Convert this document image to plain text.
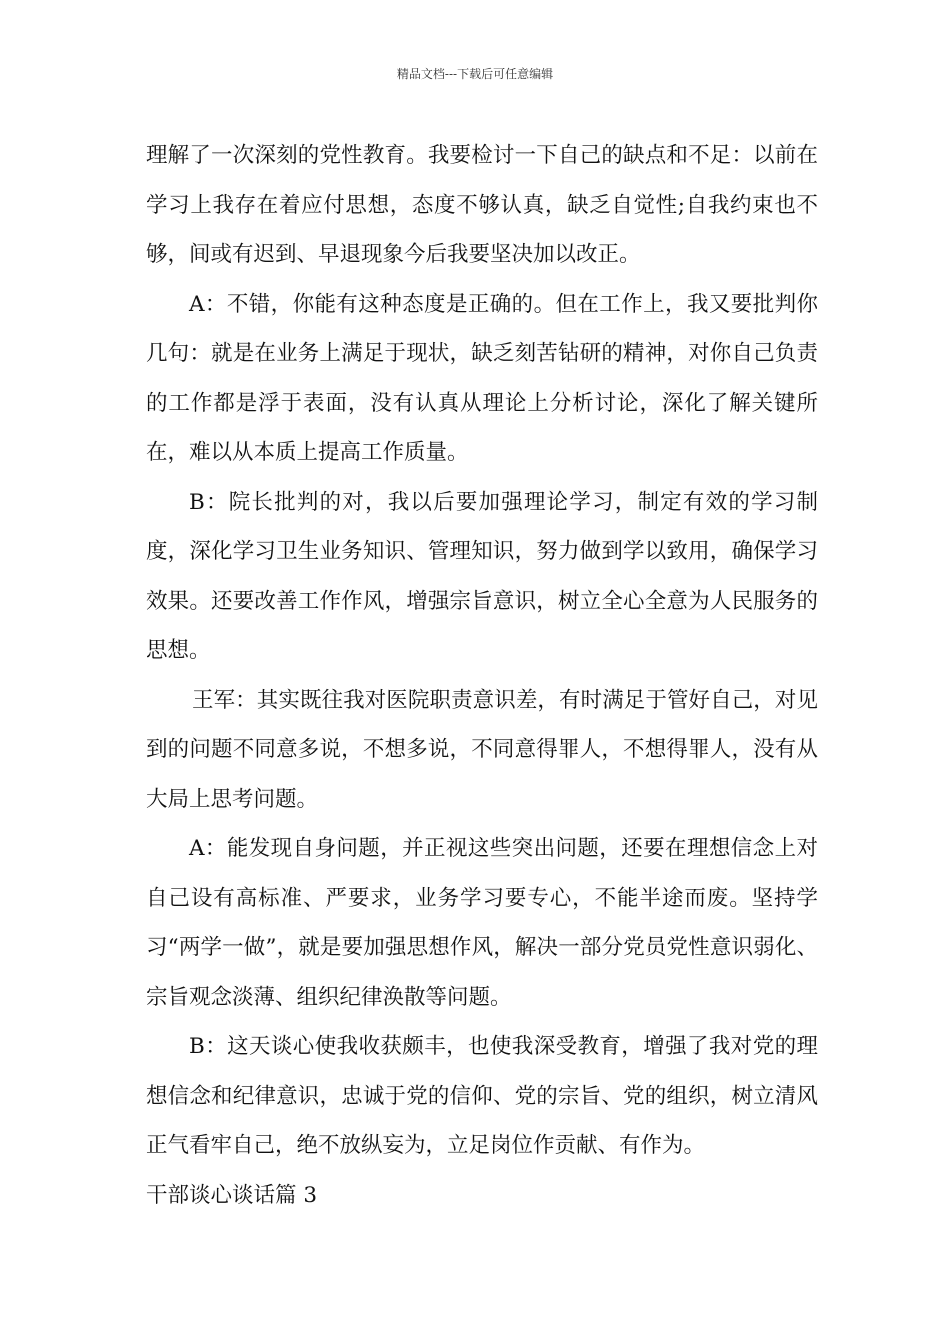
精品文档---下载后可任意编辑

理解了一次深刻的党性教育。我要检讨一下自己的缺点和不足：以前在学习上我存在着应付思想，态度不够认真，缺乏自觉性;自我约束也不够，间或有迟到、早退现象今后我要坚决加以改正。

A：不错，你能有这种态度是正确的。但在工作上，我又要批判你几句：就是在业务上满足于现状，缺乏刻苦钻研的精神，对你自己负责的工作都是浮于表面，没有认真从理论上分析讨论，深化了解关键所在，难以从本质上提高工作质量。

B：院长批判的对，我以后要加强理论学习，制定有效的学习制度，深化学习卫生业务知识、管理知识，努力做到学以致用，确保学习效果。还要改善工作作风，增强宗旨意识，树立全心全意为人民服务的思想。

王军：其实既往我对医院职责意识差，有时满足于管好自己，对见到的问题不同意多说，不想多说，不同意得罪人，不想得罪人，没有从大局上思考问题。

A：能发现自身问题，并正视这些突出问题，还要在理想信念上对自己设有高标准、严要求，业务学习要专心，不能半途而废。坚持学习“两学一做”，就是要加强思想作风，解决一部分党员党性意识弱化、宗旨观念淡薄、组织纪律涣散等问题。

B：这天谈心使我收获颇丰，也使我深受教育，增强了我对党的理想信念和纪律意识，忠诚于党的信仰、党的宗旨、党的组织，树立清风正气看牢自己，绝不放纵妄为，立足岗位作贡献、有作为。

干部谈心谈话篇 3
